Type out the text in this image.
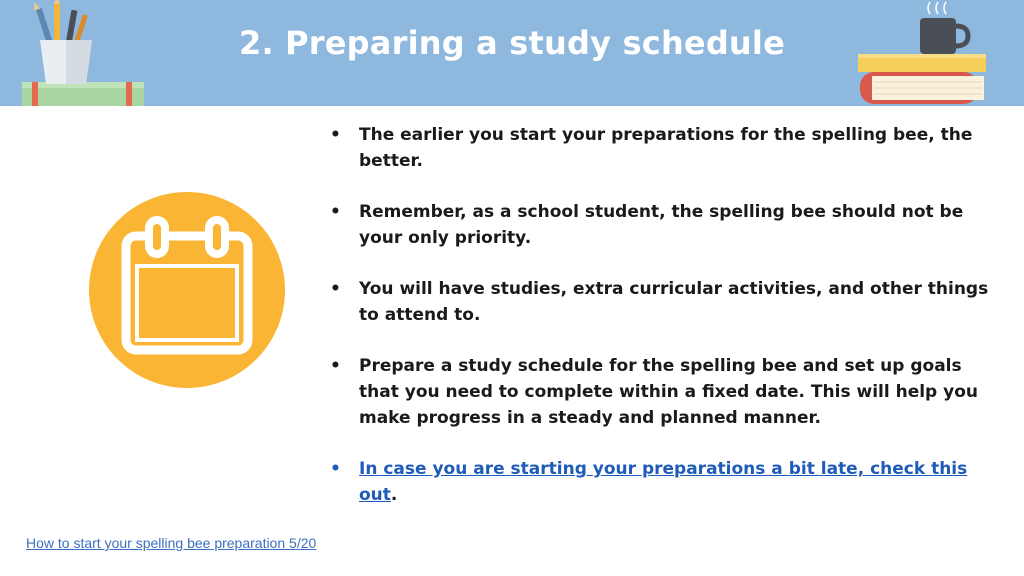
2. Preparing a study schedule
•	The earlier you start your preparations for the spelling bee, the better.
•	Remember, as a school student, the spelling bee should not be your only priority.
•	You will have studies, extra curricular activities, and other things to attend to.
•	Prepare a study schedule for the spelling bee and set up goals that you need to complete within a fixed date. This will help you make progress in a steady and planned manner.
•	In case you are starting your preparations a bit late, check this out.
How to start your spelling bee preparation 5/20
